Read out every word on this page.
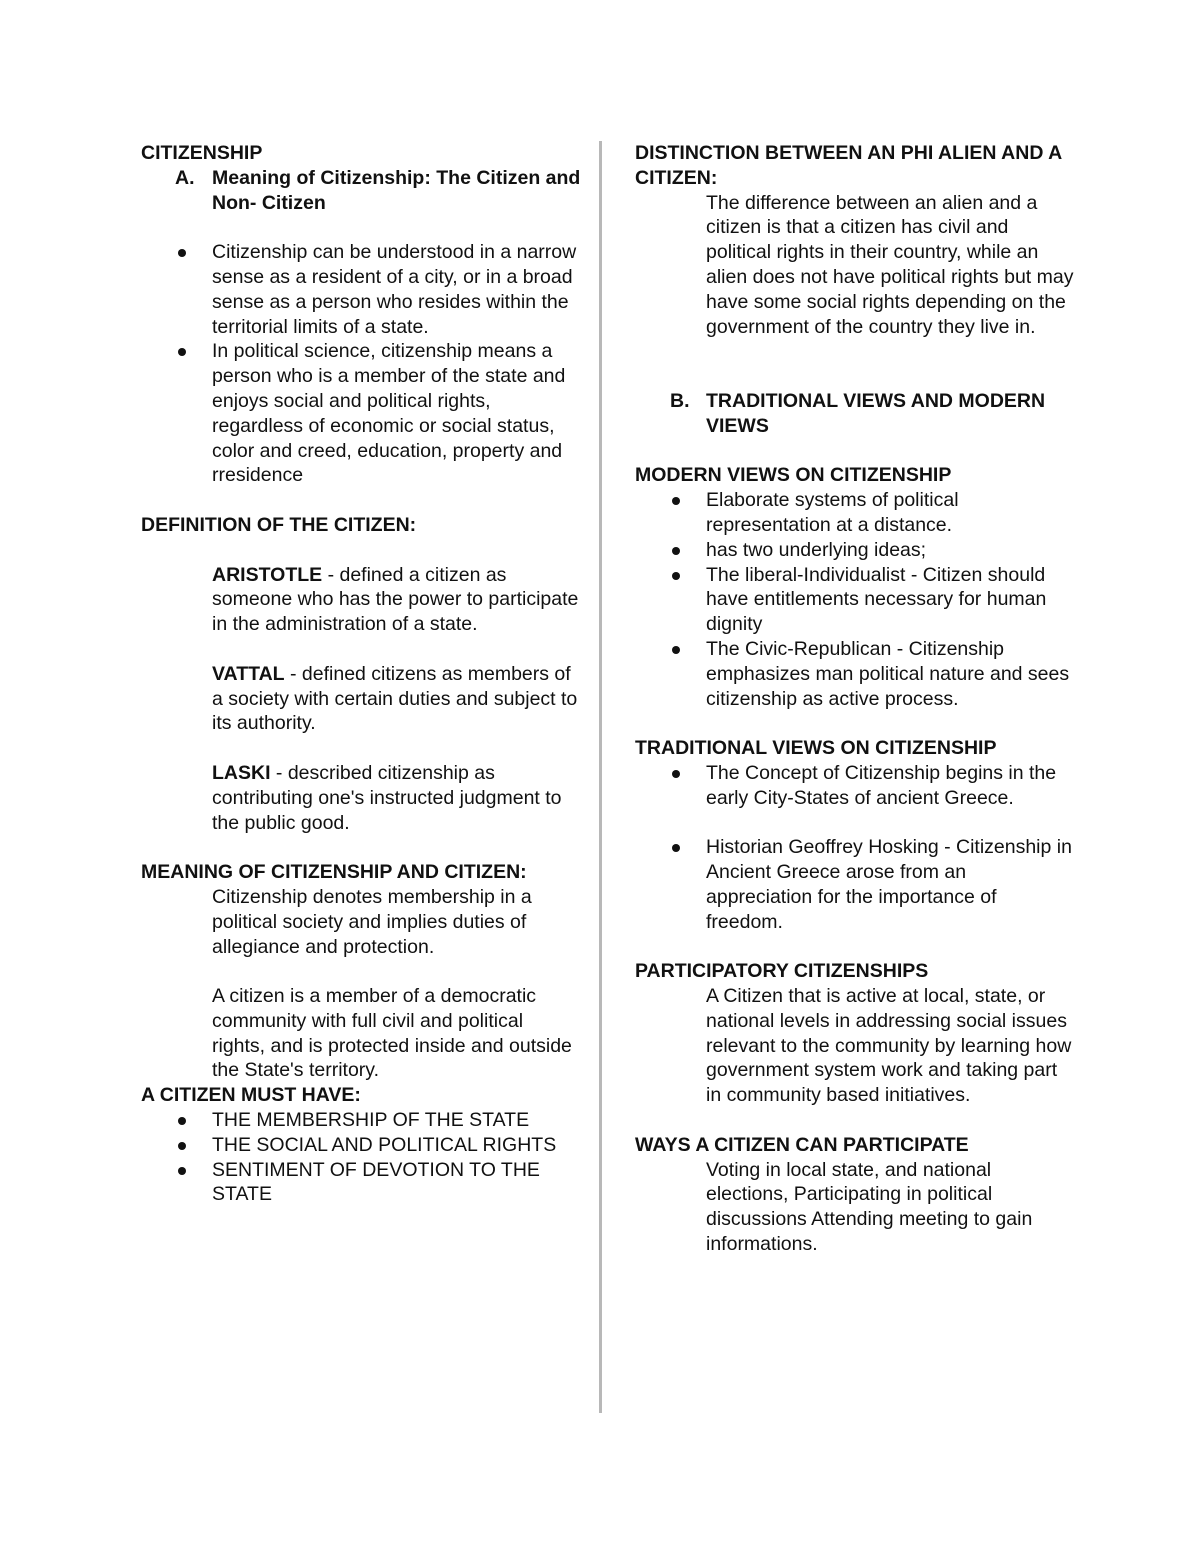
CITIZENSHIP

A. Meaning of Citizenship: The Citizen and Non- Citizen
Citizenship can be understood in a narrow sense as a resident of a city, or in a broad sense as a person who resides within the territorial limits of a state.
In political science, citizenship means a person who is a member of the state and enjoys social and political rights, regardless of economic or social status, color and creed, education, property and rresidence

DEFINITION OF THE CITIZEN:

ARISTOTLE - defined a citizen as someone who has the power to participate in the administration of a state.

VATTAL - defined citizens as members of a society with certain duties and subject to its authority.

LASKI - described citizenship as contributing one's instructed judgment to the public good.

MEANING OF CITIZENSHIP AND CITIZEN:

Citizenship denotes membership in a political society and implies duties of allegiance and protection.

A citizen is a member of a democratic community with full civil and political rights, and is protected inside and outside the State's territory.

A CITIZEN MUST HAVE:

THE MEMBERSHIP OF THE STATE
THE SOCIAL AND POLITICAL RIGHTS
SENTIMENT OF DEVOTION TO THE STATE

DISTINCTION BETWEEN AN PHI ALIEN AND A CITIZEN:

The difference between an alien and a citizen is that a citizen has civil and political rights in their country, while an alien does not have political rights but may have some social rights depending on the government of the country they live in.

B. TRADITIONAL VIEWS AND MODERN VIEWS

MODERN VIEWS ON CITIZENSHIP

Elaborate systems of political representation at a distance.
has two underlying ideas;
The liberal-Individualist - Citizen should have entitlements necessary for human dignity
The Civic-Republican - Citizenship emphasizes man political nature and sees citizenship as active process.

TRADITIONAL VIEWS ON CITIZENSHIP

The Concept of Citizenship begins in the early City-States of ancient Greece.
Historian Geoffrey Hosking - Citizenship in Ancient Greece arose from an appreciation for the importance of freedom.

PARTICIPATORY CITIZENSHIPS

A Citizen that is active at local, state, or national levels in addressing social issues relevant to the community by learning how government system work and taking part in community based initiatives.

WAYS A CITIZEN CAN PARTICIPATE

Voting in local state, and national elections, Participating in political discussions Attending meeting to gain informations.
